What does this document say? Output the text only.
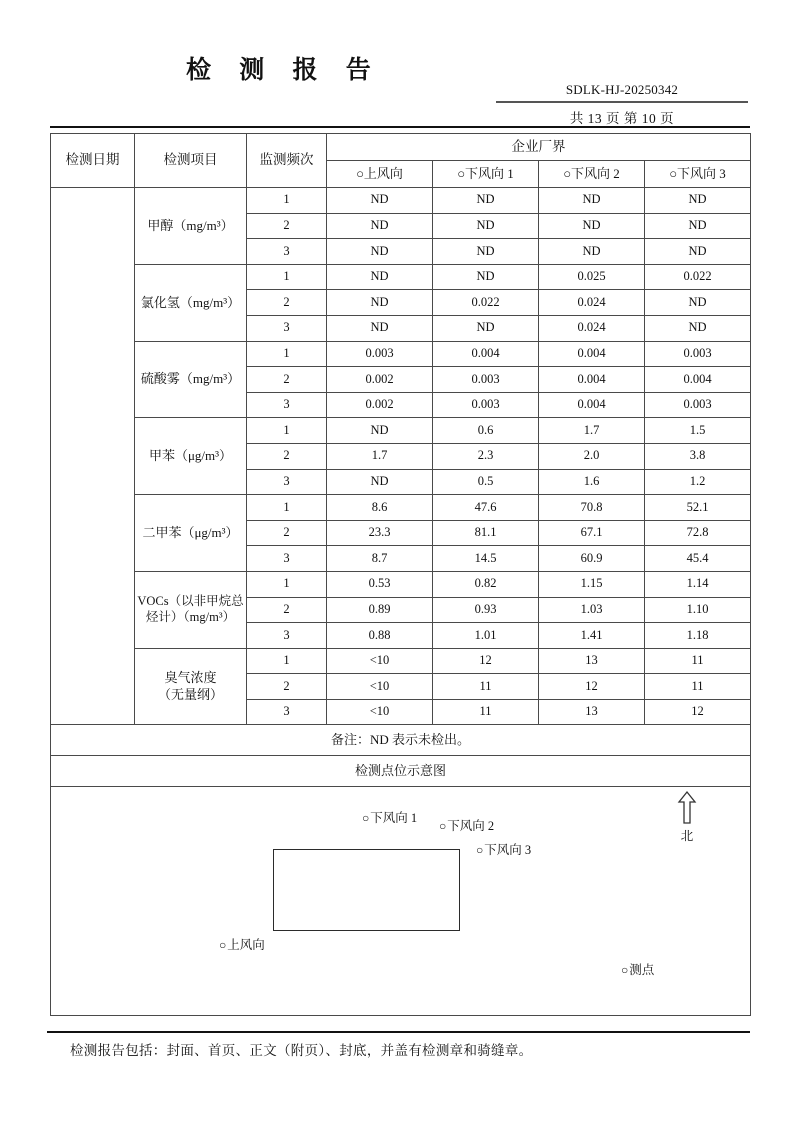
检 测 报 告
SDLK-HJ-20250342
共 13 页 第 10 页
检测日期	检测项目	监测频次	企业厂界			
			○上风向	○下风向 1	○下风向 2	○下风向 3
	甲醇（mg/m³）	1	ND	ND	ND	ND
		2	ND	ND	ND	ND
		3	ND	ND	ND	ND
	氯化氢（mg/m³）	1	ND	ND	0.025	0.022
		2	ND	0.022	0.024	ND
		3	ND	ND	0.024	ND
	硫酸雾（mg/m³）	1	0.003	0.004	0.004	0.003
		2	0.002	0.003	0.004	0.004
		3	0.002	0.003	0.004	0.003
	甲苯（μg/m³）	1	ND	0.6	1.7	1.5
		2	1.7	2.3	2.0	3.8
		3	ND	0.5	1.6	1.2
	二甲苯（μg/m³）	1	8.6	47.6	70.8	52.1
		2	23.3	81.1	67.1	72.8
		3	8.7	14.5	60.9	45.4
	VOCs（以非甲烷总
烃计）（mg/m³）	1	0.53	0.82	1.15	1.14
		2	0.89	0.93	1.03	1.10
		3	0.88	1.01	1.41	1.18
	臭气浓度
（无量纲）	1	<10	12	13	11
		2	<10	11	12	11
		3	<10	11	13	12
备注：ND 表示未检出。						
检测点位示意图						

○下风向 1
○下风向 2
○下风向 3
○上风向
○测点
北
检测报告包括：封面、首页、正文（附页）、封底，并盖有检测章和骑缝章。
